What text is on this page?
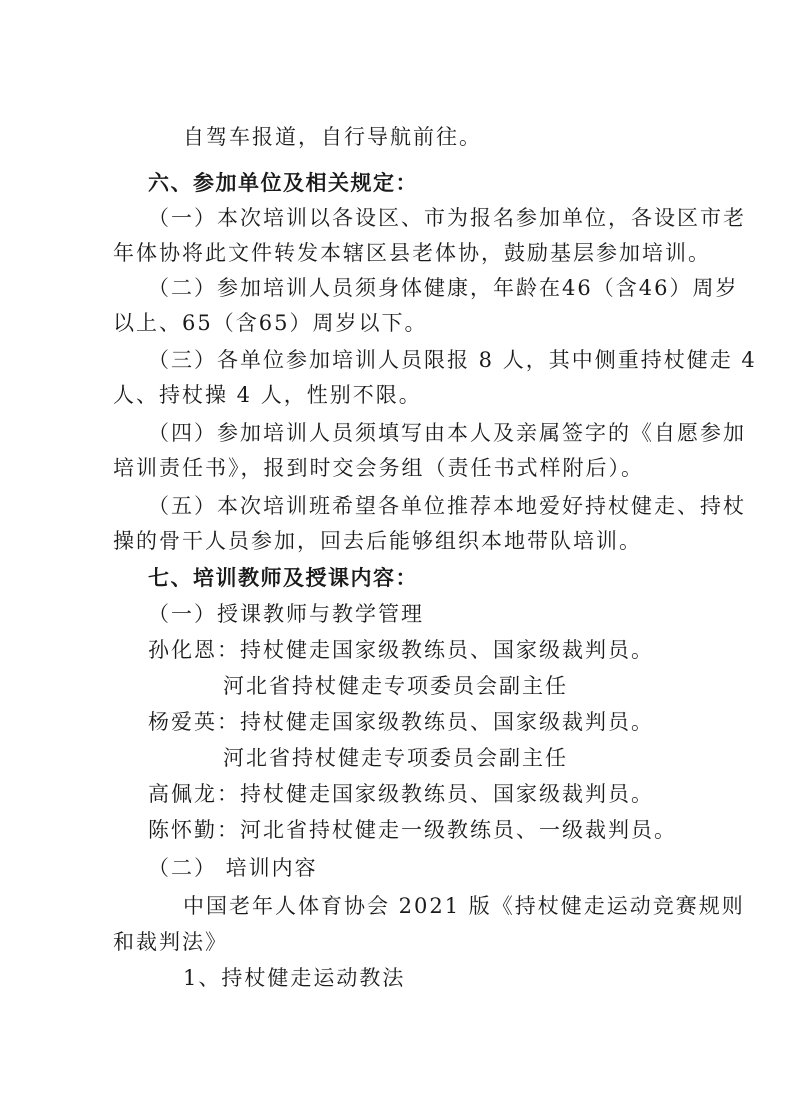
自驾车报道，自行导航前往。
六、参加单位及相关规定：
（一）本次培训以各设区、市为报名参加单位，各设区市老
年体协将此文件转发本辖区县老体协，鼓励基层参加培训。
（二）参加培训人员须身体健康，年龄在46（含46）周岁
以上、65（含65）周岁以下。
（三）各单位参加培训人员限报 8 人，其中侧重持杖健走 4
人、持杖操 4 人，性别不限。
（四）参加培训人员须填写由本人及亲属签字的《自愿参加
培训责任书》，报到时交会务组（责任书式样附后）。
（五）本次培训班希望各单位推荐本地爱好持杖健走、持杖
操的骨干人员参加，回去后能够组织本地带队培训。
七、培训教师及授课内容：
（一）授课教师与教学管理
孙化恩：持杖健走国家级教练员、国家级裁判员。
河北省持杖健走专项委员会副主任
杨爱英：持杖健走国家级教练员、国家级裁判员。
河北省持杖健走专项委员会副主任
高佩龙：持杖健走国家级教练员、国家级裁判员。
陈怀勤：河北省持杖健走一级教练员、一级裁判员。
（二） 培训内容
中国老年人体育协会 2021 版《持杖健走运动竞赛规则
和裁判法》
1、持杖健走运动教法
